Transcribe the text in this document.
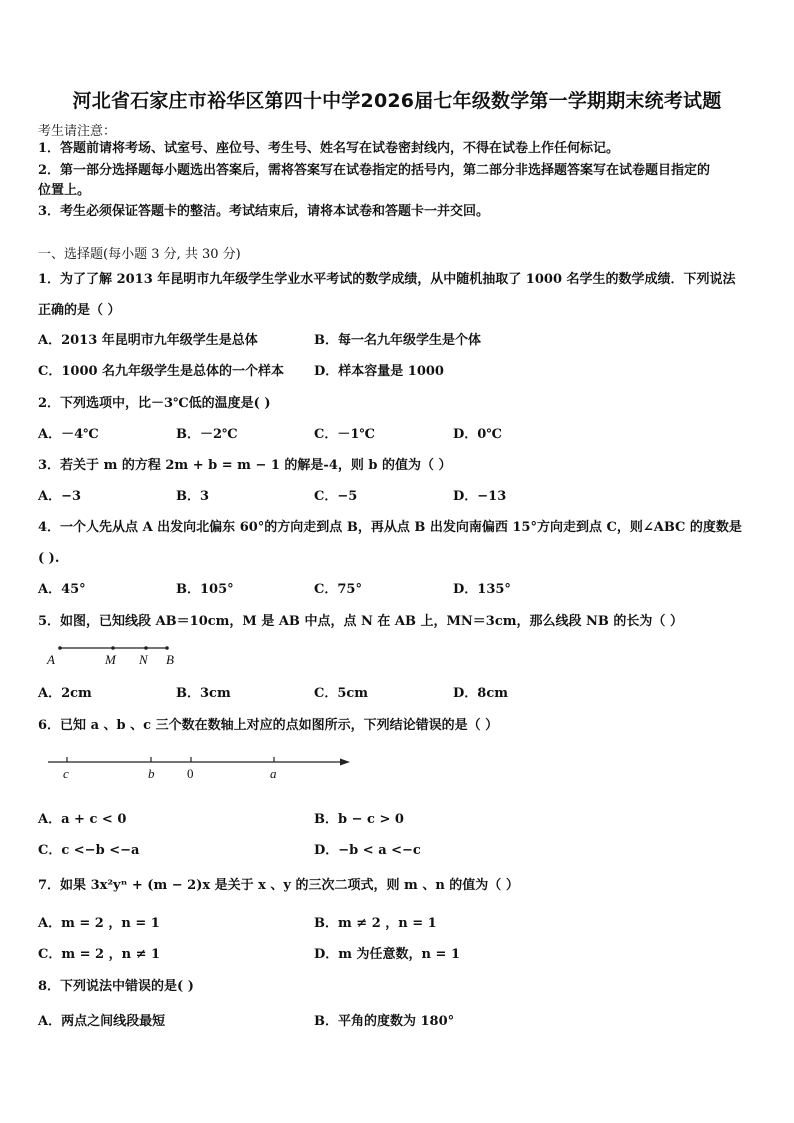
河北省石家庄市裕华区第四十中学2026届七年级数学第一学期期末统考试题
考生请注意：
1．答题前请将考场、试室号、座位号、考生号、姓名写在试卷密封线内，不得在试卷上作任何标记。
2．第一部分选择题每小题选出答案后，需将答案写在试卷指定的括号内，第二部分非选择题答案写在试卷题目指定的
位置上。
3．考生必须保证答题卡的整洁。考试结束后，请将本试卷和答题卡一并交回。
一、选择题(每小题 3 分, 共 30 分)
1．为了了解 2013 年昆明市九年级学生学业水平考试的数学成绩，从中随机抽取了 1000 名学生的数学成绩．下列说法
正确的是（ ）
A．2013 年昆明市九年级学生是总体	B．每一名九年级学生是个体
C．1000 名九年级学生是总体的一个样本 D．样本容量是 1000
2．下列选项中，比－3℃低的温度是( )
A．－4℃	B．－2℃	C．－1℃	D．0℃
3．若关于 m 的方程 2m + b = m − 1 的解是-4，则 b 的值为（ ）
A．−3	B．3	C．−5	D．−13
4．一个人先从点 A 出发向北偏东 60°的方向走到点 B，再从点 B 出发向南偏西 15°方向走到点 C，则∠ABC 的度数是
( ).
A．45°	B．105°	C．75°	D．135°
5．如图，已知线段 AB＝10cm，M 是 AB 中点，点 N 在 AB 上，MN＝3cm，那么线段 NB 的长为（ ）
A	M N B
A．2cm	B．3cm	C．5cm	D．8cm
6．已知 a 、b 、c 三个数在数轴上对应的点如图所示，下列结论错误的是（ ）
c	b	0	a
A．a + c < 0	B．b − c > 0
C．c <−b <−a	D．−b < a <−c
7．如果 3x²yⁿ + (m − 2)x 是关于 x 、y 的三次二项式，则 m 、n 的值为（ ）
A．m = 2 ，n = 1	B．m ≠ 2 ，n = 1
C．m = 2 ，n ≠ 1	D．m 为任意数，n = 1
8．下列说法中错误的是( )
A．两点之间线段最短	B．平角的度数为 180°
